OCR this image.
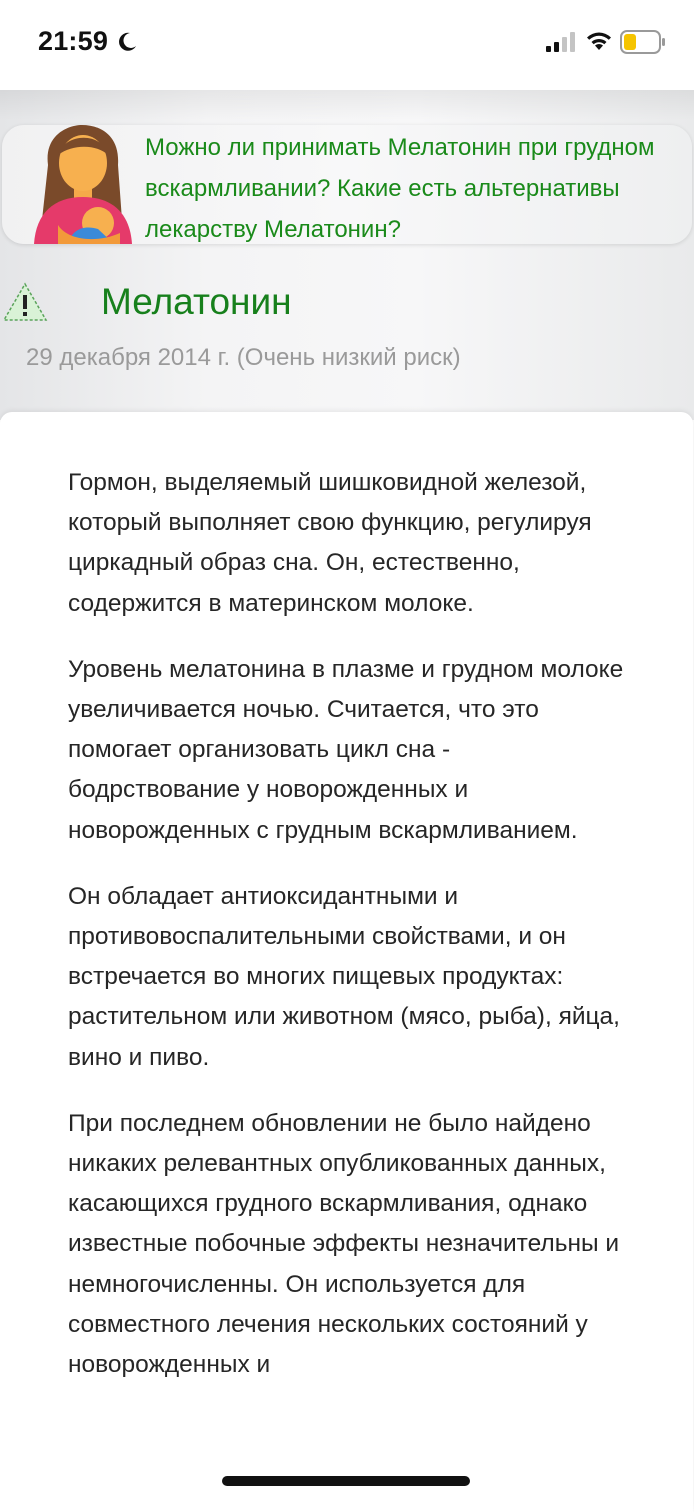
21:59
Можно ли принимать Мелатонин при грудном вскармливании? Какие есть альтернативы лекарству Мелатонин?
Мелатонин
29 декабря 2014 г. (Очень низкий риск)

Гормон, выделяемый шишковидной железой, который выполняет свою функцию, регулируя циркадный образ сна. Он, естественно, содержится в материнском молоке.

Уровень мелатонина в плазме и грудном молоке увеличивается ночью. Считается, что это помогает организовать цикл сна - бодрствование у новорожденных и новорожденных с грудным вскармливанием.

Он обладает антиоксидантными и противовоспалительными свойствами, и он встречается во многих пищевых продуктах: растительном или животном (мясо, рыба), яйца, вино и пиво.

При последнем обновлении не было найдено никаких релевантных опубликованных данных, касающихся грудного вскармливания, однако известные побочные эффекты незначительны и немногочисленны. Он используется для совместного лечения нескольких состояний у новорожденных и
